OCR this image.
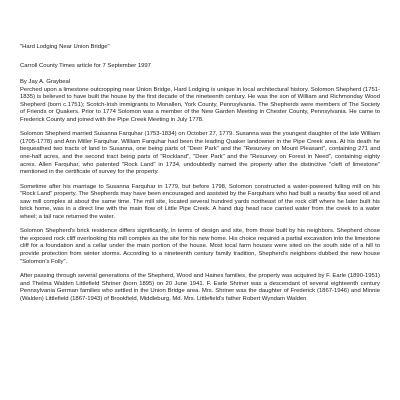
"Hard Lodging Near Union Bridge"
Carroll County Times article for 7 September 1997
By Jay A. Graybeal

Perched upon a limestone outcropping near Union Bridge, Hard Lodging is unique in local architectural history. Solomon Shepherd (1751-1835) is believed to have built the house by the first decade of the nineteenth century. He was the son of William and Richmonday Wood Shepherd (born c.1751); Scotch-Irish immigrants to Monallen, York County, Pennsylvania. The Shepherds were members of The Society of Friends or Quakers. Prior to 1774 Solomon was a member of the New Garden Meeting in Chester County, Pennsylvania. He came to Frederick County and joined with the Pipe Creek Meeting in July 1778.

Solomon Shepherd married Susanna Farquhar (1753-1834) on October 27, 1779. Susanna was the youngest daughter of the late William (1705-1778) and Ann Miller Farquhar. William Farquhar had been the leading Quaker landowner in the Pipe Creek area. At his death he bequeathed two tracts of land to Susanna, one being parts of "Deer Park" and the "Resurvey on Mount Pleasant", containing 271 and one-half acres, and the second tract being parts of "Rockland", "Deer Park" and the "Resurvey on Forest in Need", containing eighty acres. Allen Farquhar, who patented "Rock Land" in 1734, undoubtedly named the property after the distinctive "cleft of limestone" mentioned in the certificate of survey for the property.

Sometime after his marriage to Susanna Farquhar in 1779, but before 1798, Solomon constructed a water-powered fulling mill on his "Rock Land" property. The Shepherds may have been encouraged and assisted by the Farquhars who had built a nearby flax seed oil and saw mill complex at about the same time. The mill site, located several hundred yards northeast of the rock cliff where he later built his brick home, was in a direct line with the main flow of Little Pipe Creek. A hand dug head race carried water from the creek to a water wheel; a tail race returned the water.

Solomon Shepherd's brick residence differs significantly, in terms of design and site, from those built by his neighbors. Shepherd chose the exposed rock cliff overlooking his mill complex as the site for his new home. His choice required a partial excavation into the limestone cliff for a foundation and a cellar under the main portion of the house. Most local farm houses were sited on the south side of a hill to provide protection from winter storms. According to a nineteenth century family tradition, Shepherd's neighbors dubbed the new house "Solomon's Folly".

After passing through several generations of the Shepherd, Wood and Haines families, the property was acquired by F. Earle (1890-1951) and Thelma Walden Littlefield Shriner (born 1895) on 20 June 1941. F. Earle Shriner was a descendant of several eighteenth century Pennsylvania German families who settled in the Union Bridge area. Mrs. Shriner was the daughter of Frederick (1867-1946) and Minnie (Walden) Littlefield (1867-1943) of Brookfield, Middleburg, Md. Mrs. Littlefield's father Robert Wyndam Walden
